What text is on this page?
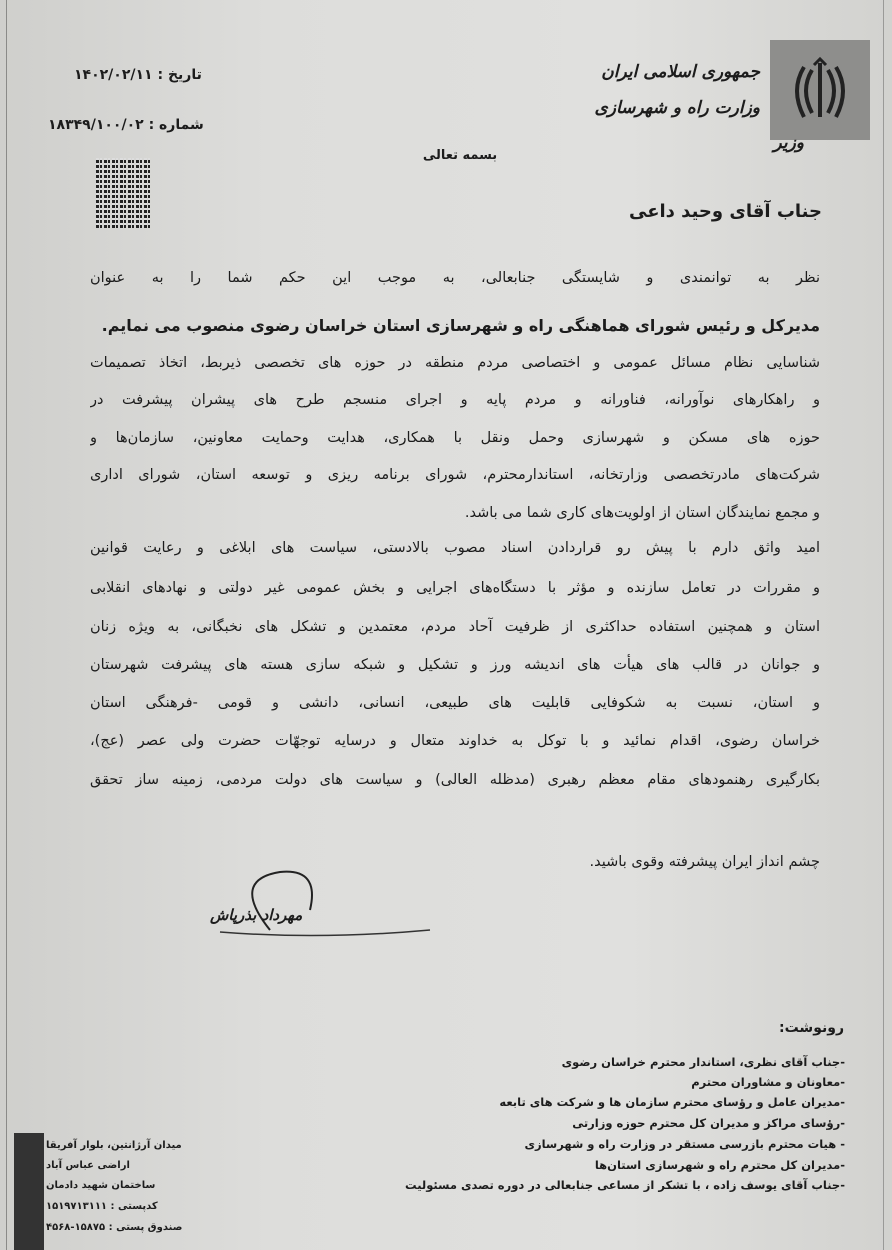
جمهوری اسلامی ایران
وزارت راه و شهرسازی
وزیر
تاریخ : ۱۴۰۲/۰۲/۱۱
شماره : ۱۸۳۴۹/۱۰۰/۰۲
بسمه تعالی
جناب آقای وحید داعی
نظر به توانمندی و شایستگی جنابعالی، به موجب این حکم شما را به عنوان
مدیرکل و رئیس شورای هماهنگی راه و شهرسازی استان خراسان رضوی منصوب می نمایم.
شناسایی نظام مسائل عمومی و اختصاصی مردم منطقه در حوزه های تخصصی ذیربط، اتخاذ تصمیمات
و راهکارهای نوآورانه، فناورانه و مردم پایه و اجرای منسجم طرح های پیشران پیشرفت در
حوزه های مسکن و شهرسازی وحمل ونقل با همکاری، هدایت وحمایت معاونین، سازمان‌ها و
شرکت‌های مادرتخصصی وزارتخانه، استاندارمحترم، شورای برنامه ریزی و توسعه استان، شورای اداری
و مجمع نمایندگان استان از اولویت‌های کاری شما می باشد.
امید واثق دارم با پیش رو قراردادن اسناد مصوب بالادستی، سیاست های ابلاغی و رعایت قوانین
و مقررات در تعامل سازنده و مؤثر با دستگاه‌های اجرایی و بخش عمومی غیر دولتی و نهادهای انقلابی
استان و همچنین استفاده حداکثری از ظرفیت آحاد مردم، معتمدین و تشکل های نخبگانی، به ویژه زنان
و جوانان در قالب های هیأت های اندیشه ورز و تشکیل و شبکه سازی هسته های پیشرفت شهرستان
و استان، نسبت به شکوفایی قابلیت های طبیعی، انسانی، دانشی و قومی -فرهنگی استان
خراسان رضوی، اقدام نمائید و با توکل به خداوند متعال و درسایه توجهّات حضرت ولی عصر (عج)،
بکارگیری رهنمودهای مقام معظم رهبری (مدظله العالی) و سیاست های دولت مردمی، زمینه ساز تحقق
چشم انداز ایران پیشرفته وقوی باشید.
مهرداد بذرپاش
رونوشت:
-جناب آقای نظری، استاندار محترم خراسان رضوی
-معاونان و مشاوران محترم
-مدیران عامل و رؤسای محترم سازمان ها و شرکت های تابعه
-رؤسای مراکز و مدیران کل محترم حوزه وزارتی
- هیات محترم بازرسی مستقر در وزارت راه و شهرسازی
-مدیران کل محترم راه و شهرسازی استان‌ها
-جناب آقای یوسف زاده ، با تشکر از مساعی جنابعالی در دوره تصدی مسئولیت
میدان آرژانتین، بلوار آفریقا
اراضی عباس آباد
ساختمان شهید دادمان
کدپستی : ۱۵۱۹۷۱۳۱۱۱
صندوق پستی : ۱۵۸۷۵-۴۵۶۸
